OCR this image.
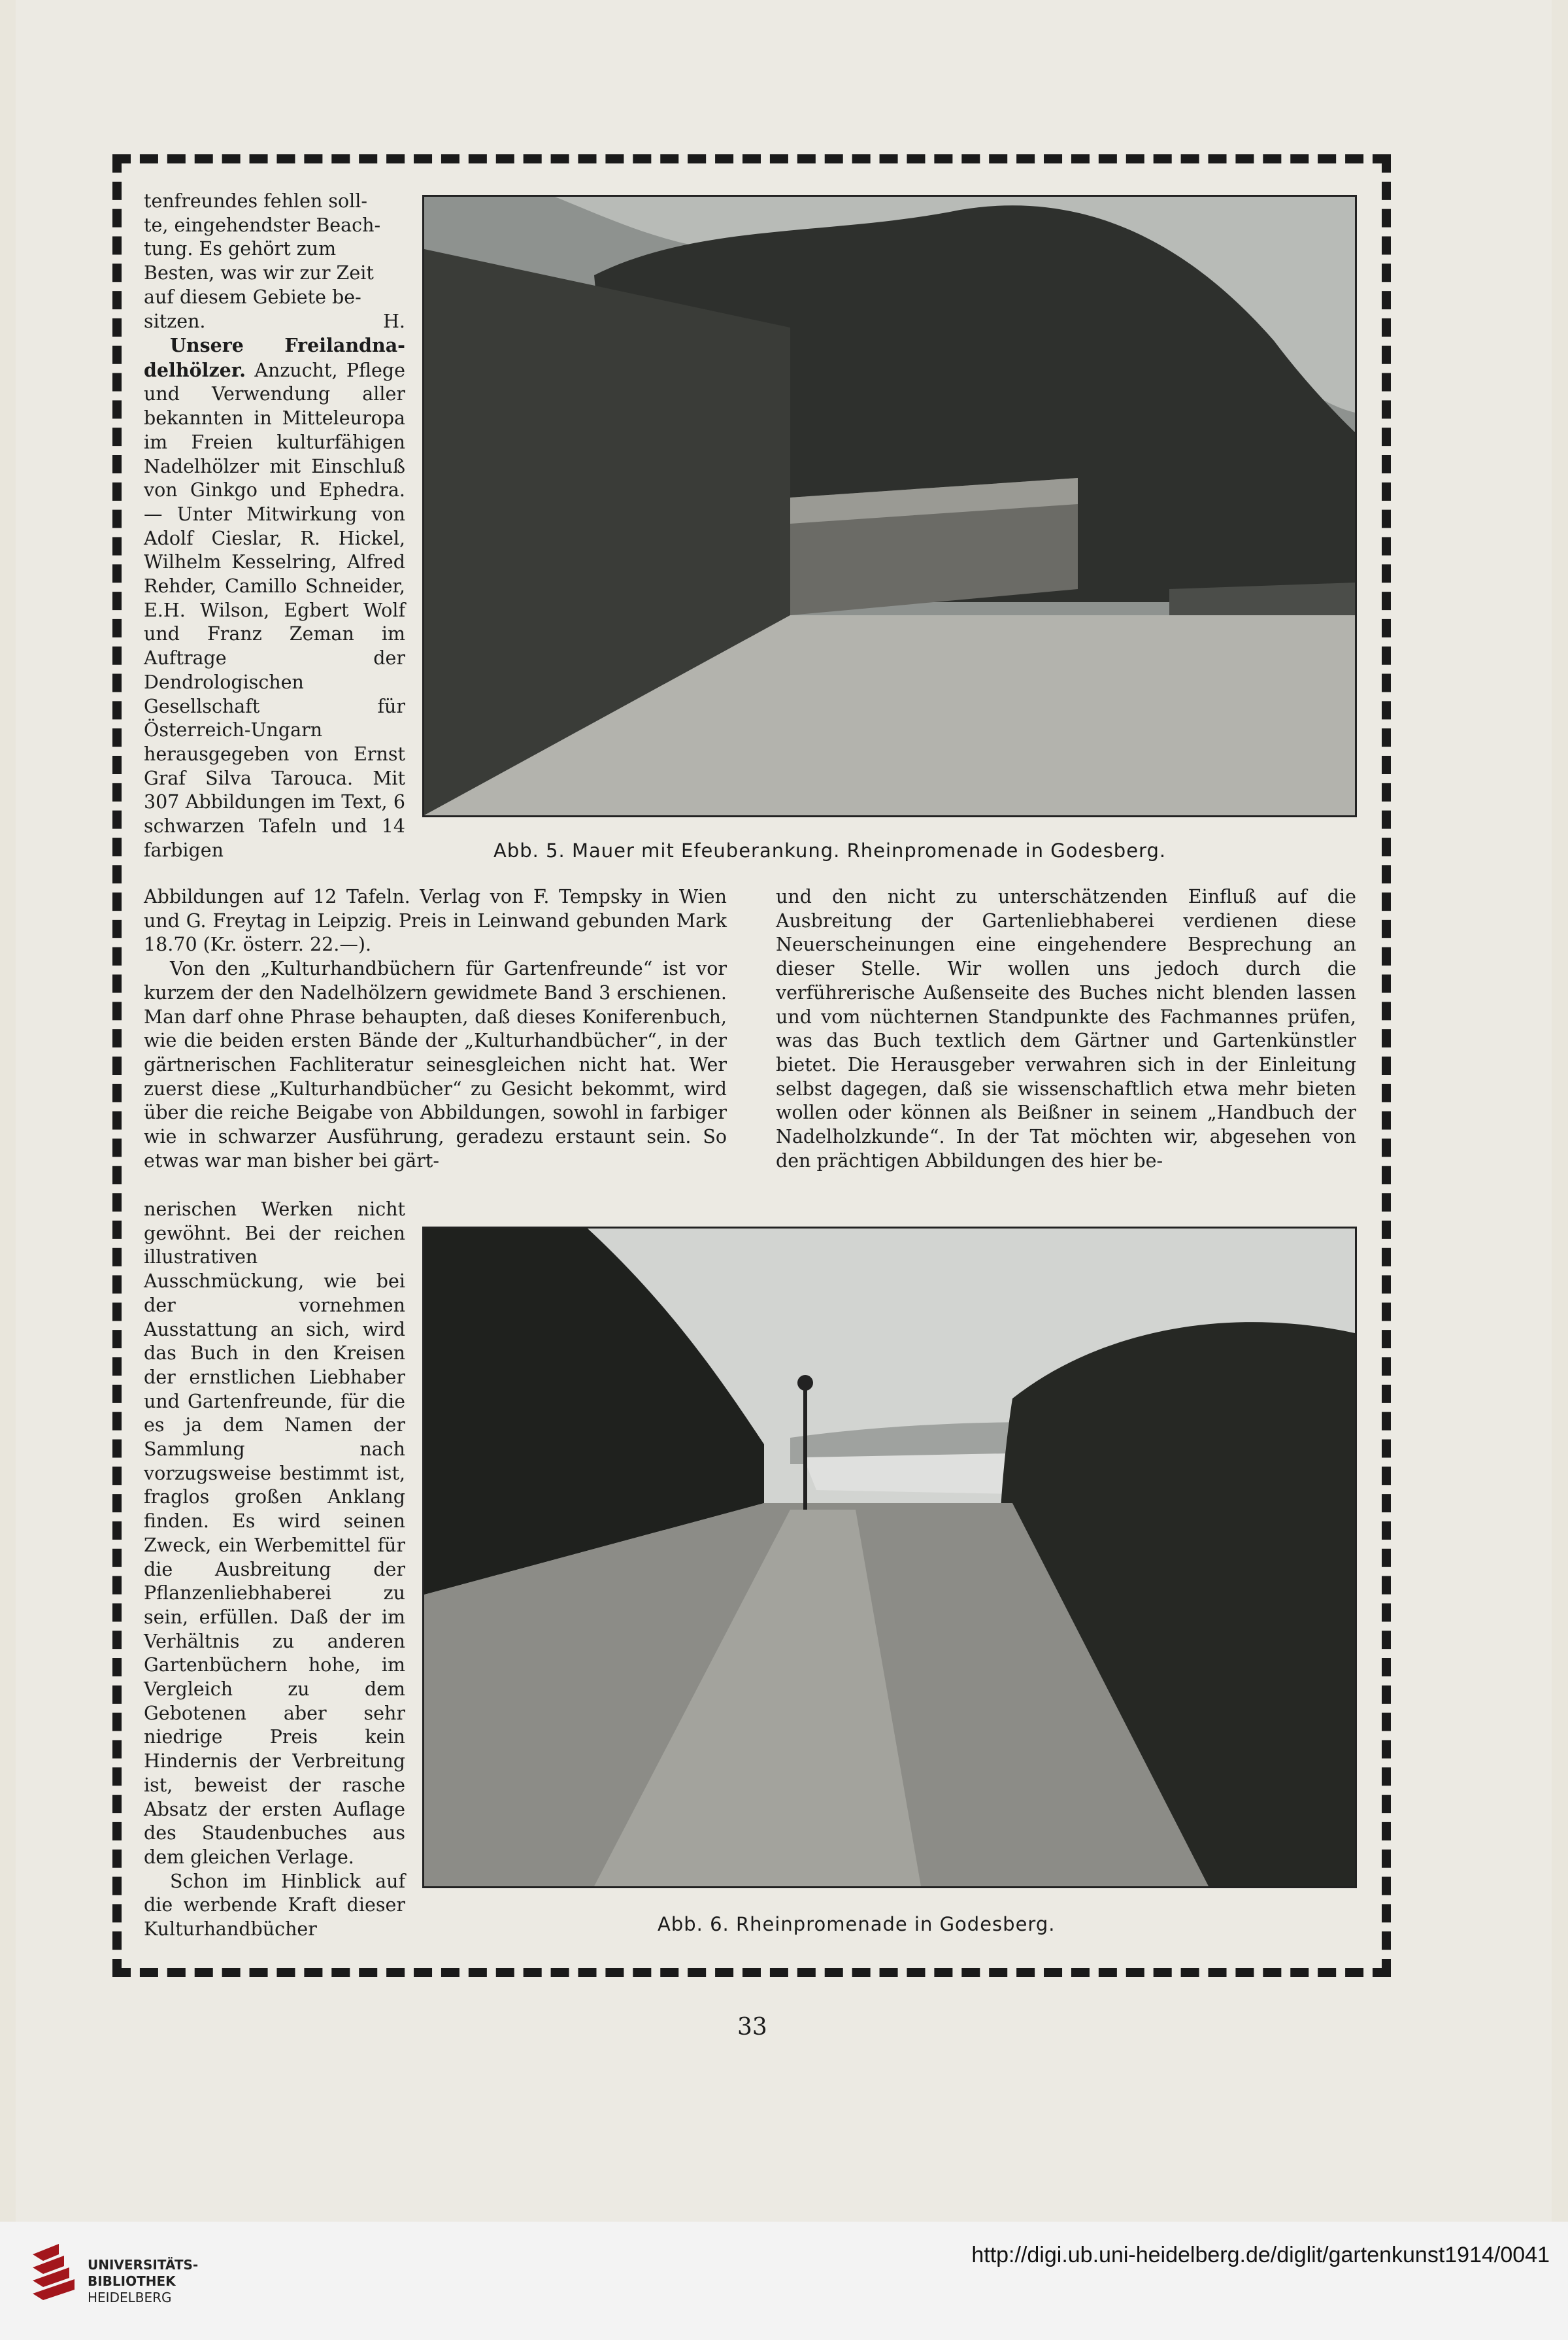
Abb. 5. Mauer mit Efeuberankung. Rheinpromenade in Godesberg.
Abb. 6. Rheinpromenade in Godesberg.

tenfreundes fehlen soll-

te, eingehendster Beach-

tung. Es gehört zum

Besten, was wir zur Zeit

auf diesem Gebiete be-

sitzen.	H.

Unsere Freilandna-delhölzer. Anzucht, Pflege und Verwendung aller bekannten in Mitteleuropa im Freien kulturfähigen Nadelhölzer mit Einschluß von Ginkgo und Ephedra. — Unter Mitwirkung von Adolf Cieslar, R. Hickel, Wilhelm Kesselring, Alfred Rehder, Camillo Schneider, E.H. Wilson, Egbert Wolf und Franz Zeman im Auftrage der Dendrologischen Gesellschaft für Österreich-Ungarn herausgegeben von Ernst Graf Silva Tarouca. Mit 307 Abbildungen im Text, 6 schwarzen Tafeln und 14 farbigen

Abbildungen auf 12 Tafeln. Verlag von F. Tempsky in Wien und G. Freytag in Leipzig. Preis in Leinwand gebunden Mark 18.70 (Kr. österr. 22.—).

Von den „Kulturhandbüchern für Gartenfreunde“ ist vor kurzem der den Nadelhölzern gewidmete Band 3 erschienen. Man darf ohne Phrase behaupten, daß dieses Koniferenbuch, wie die beiden ersten Bände der „Kulturhandbücher“, in der gärtnerischen Fachliteratur seinesgleichen nicht hat. Wer zuerst diese „Kulturhandbücher“ zu Gesicht bekommt, wird über die reiche Beigabe von Abbildungen, sowohl in farbiger wie in schwarzer Ausführung, geradezu erstaunt sein. So etwas war man bisher bei gärt-

und den nicht zu unterschätzenden Einfluß auf die Ausbreitung der Gartenliebhaberei verdienen diese Neuerscheinungen eine eingehendere Besprechung an dieser Stelle. Wir wollen uns jedoch durch die verführerische Außenseite des Buches nicht blenden lassen und vom nüchternen Standpunkte des Fachmannes prüfen, was das Buch textlich dem Gärtner und Gartenkünstler bietet. Die Herausgeber verwahren sich in der Einleitung selbst dagegen, daß sie wissenschaftlich etwa mehr bieten wollen oder können als Beißner in seinem „Handbuch der Nadelholzkunde“. In der Tat möchten wir, abgesehen von den prächtigen Abbildungen des hier be-

nerischen Werken nicht gewöhnt. Bei der reichen illustrativen Ausschmückung, wie bei der vornehmen Ausstattung an sich, wird das Buch in den Kreisen der ernstlichen Liebhaber und Gartenfreunde, für die es ja dem Namen der Sammlung nach vorzugsweise bestimmt ist, fraglos großen Anklang finden. Es wird seinen Zweck, ein Werbemittel für die Ausbreitung der Pflanzenliebhaberei zu sein, erfüllen. Daß der im Verhältnis zu anderen Gartenbüchern hohe, im Vergleich zu dem Gebotenen aber sehr niedrige Preis kein Hindernis der Verbreitung ist, beweist der rasche Absatz der ersten Auflage des Staudenbuches aus dem gleichen Verlage.

Schon im Hinblick auf die werbende Kraft dieser Kulturhandbücher

33
UNIVERSITÄTS-
BIBLIOTHEK
HEIDELBERG
http://digi.ub.uni-heidelberg.de/diglit/gartenkunst1914/0041
